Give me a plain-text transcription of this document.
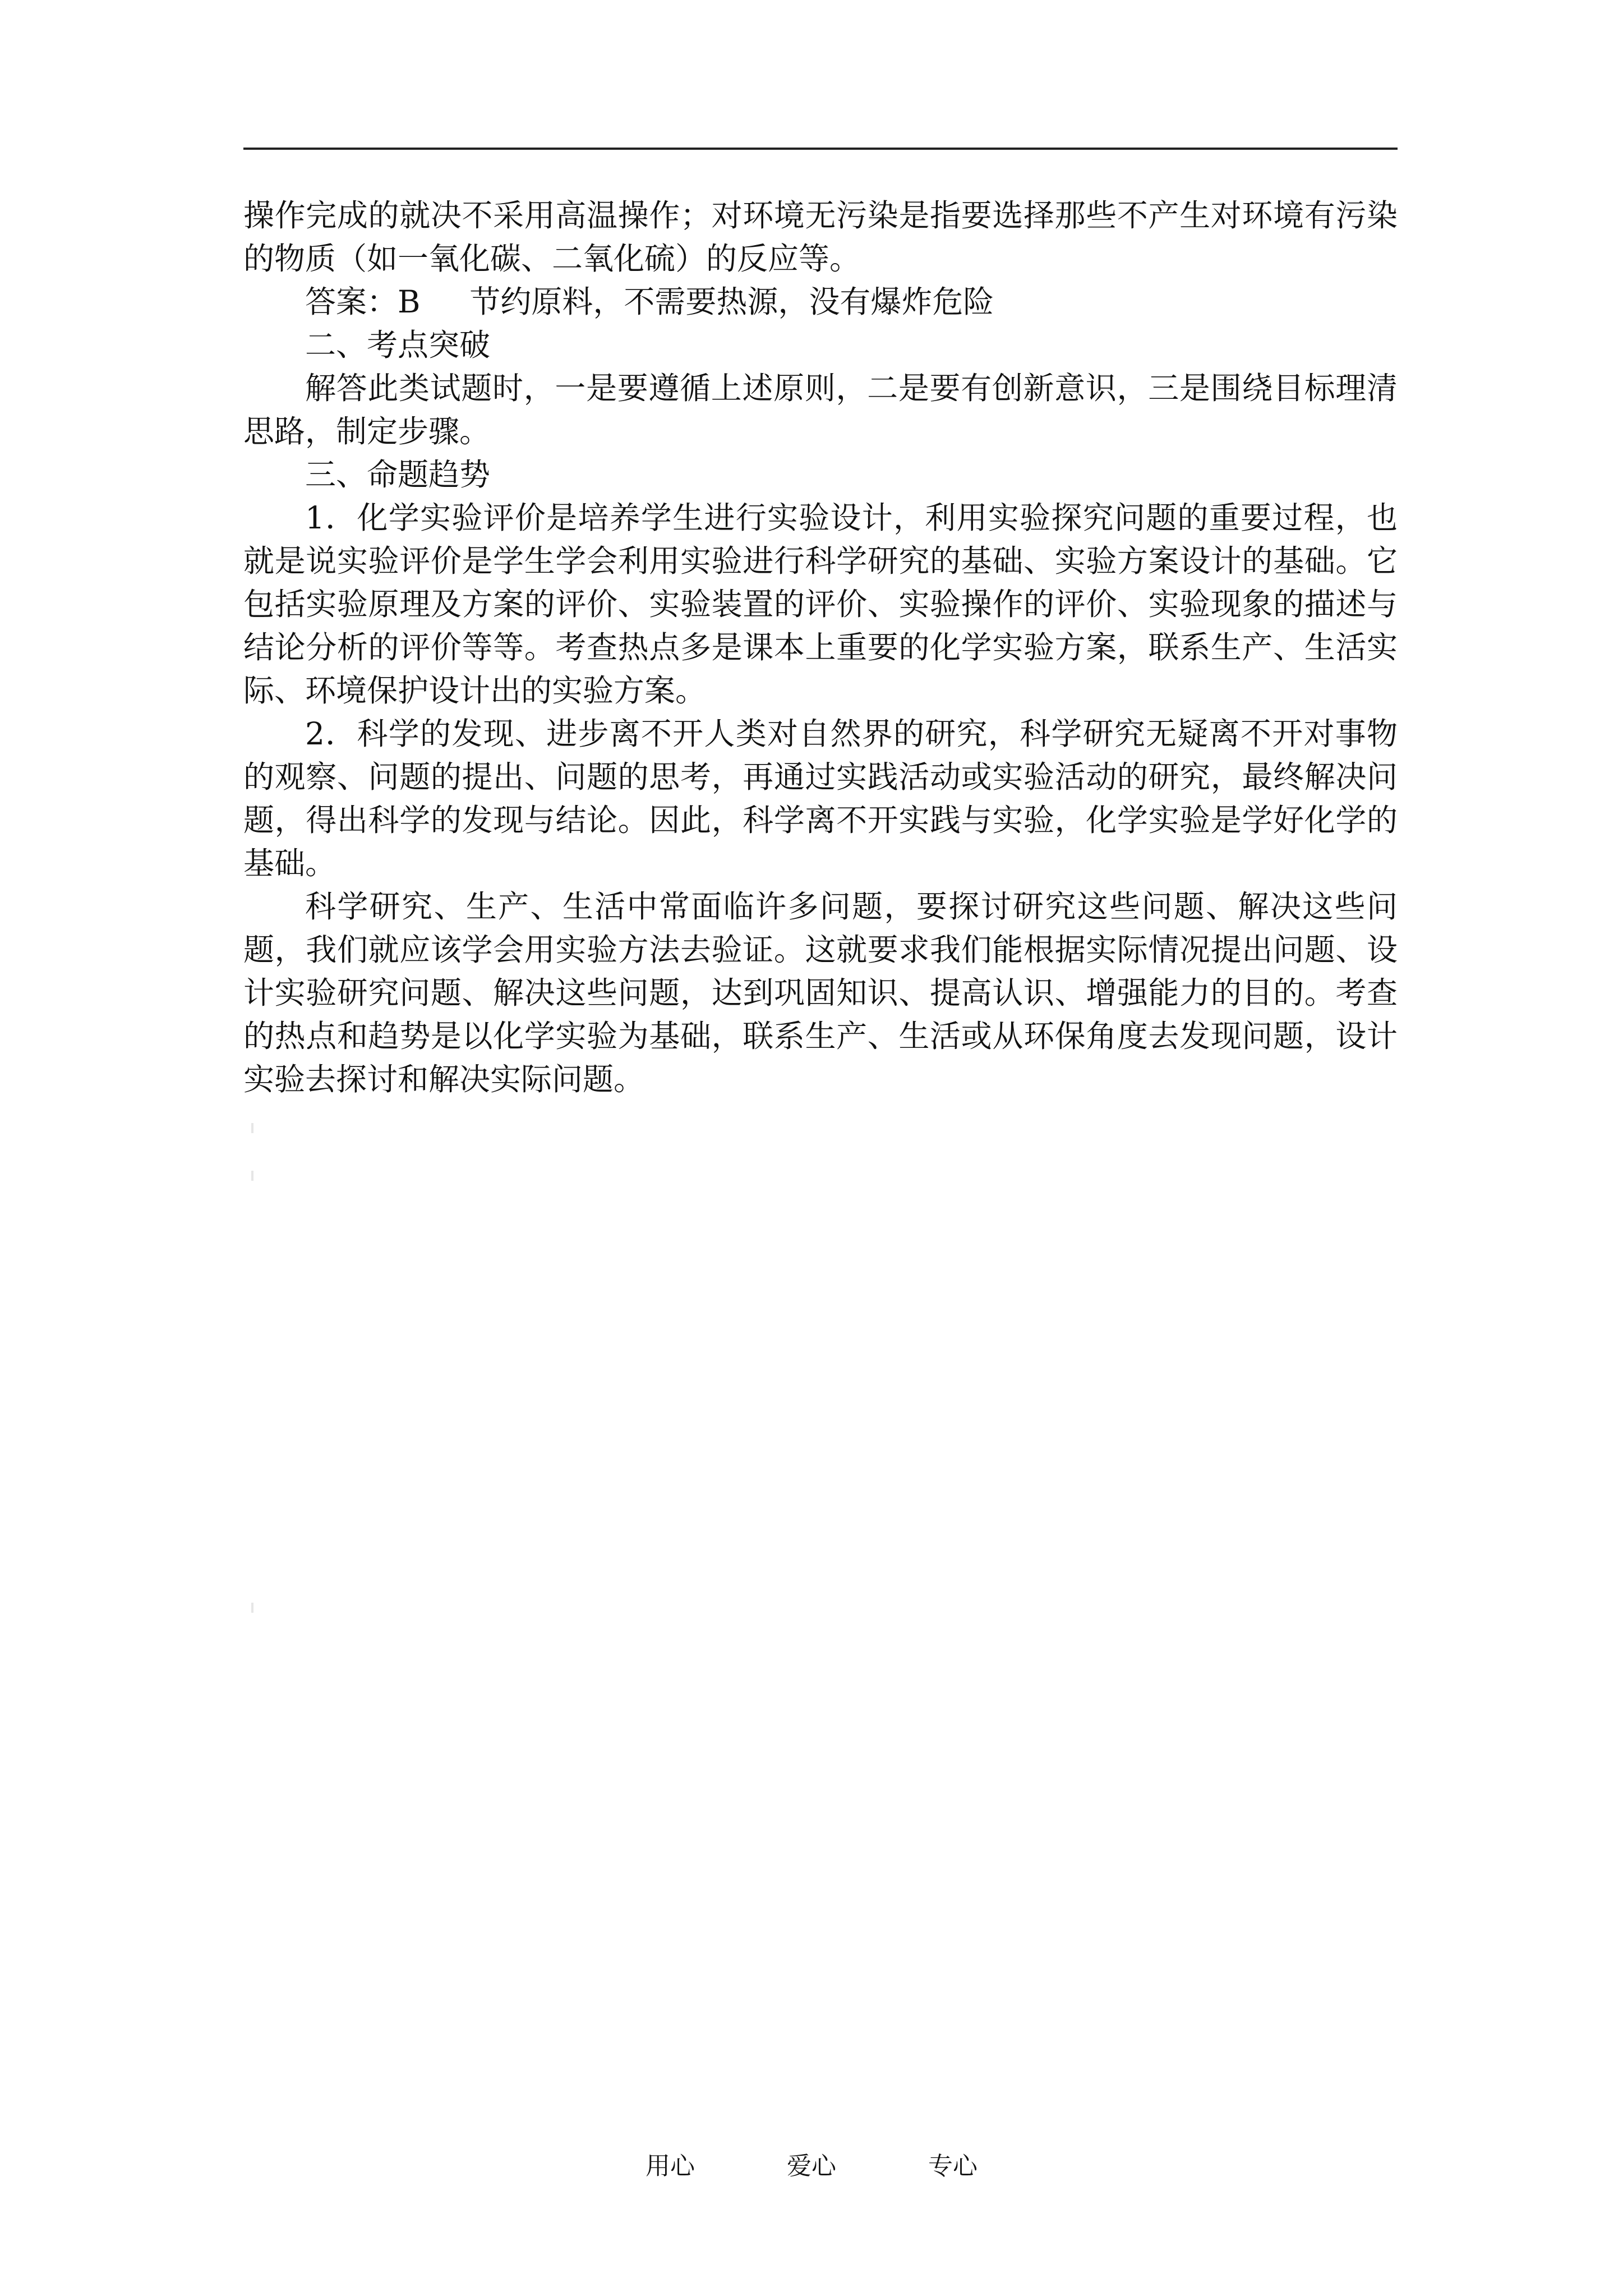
操作完成的就决不采用高温操作；对环境无污染是指要选择那些不产生对环境有污染的物质（如一氧化碳、二氧化硫）的反应等。

答案：B 节约原料，不需要热源，没有爆炸危险

二、考点突破

解答此类试题时，一是要遵循上述原则，二是要有创新意识，三是围绕目标理清思路，制定步骤。

三、命题趋势

1．化学实验评价是培养学生进行实验设计，利用实验探究问题的重要过程，也就是说实验评价是学生学会利用实验进行科学研究的基础、实验方案设计的基础。它包括实验原理及方案的评价、实验装置的评价、实验操作的评价、实验现象的描述与结论分析的评价等等。考查热点多是课本上重要的化学实验方案，联系生产、生活实际、环境保护设计出的实验方案。

2．科学的发现、进步离不开人类对自然界的研究，科学研究无疑离不开对事物的观察、问题的提出、问题的思考，再通过实践活动或实验活动的研究，最终解决问题，得出科学的发现与结论。因此，科学离不开实践与实验，化学实验是学好化学的基础。

科学研究、生产、生活中常面临许多问题，要探讨研究这些问题、解决这些问题，我们就应该学会用实验方法去验证。这就要求我们能根据实际情况提出问题、设计实验研究问题、解决这些问题，达到巩固知识、提高认识、增强能力的目的。考查的热点和趋势是以化学实验为基础，联系生产、生活或从环保角度去发现问题，设计实验去探讨和解决实际问题。

用心	爱心	专心
